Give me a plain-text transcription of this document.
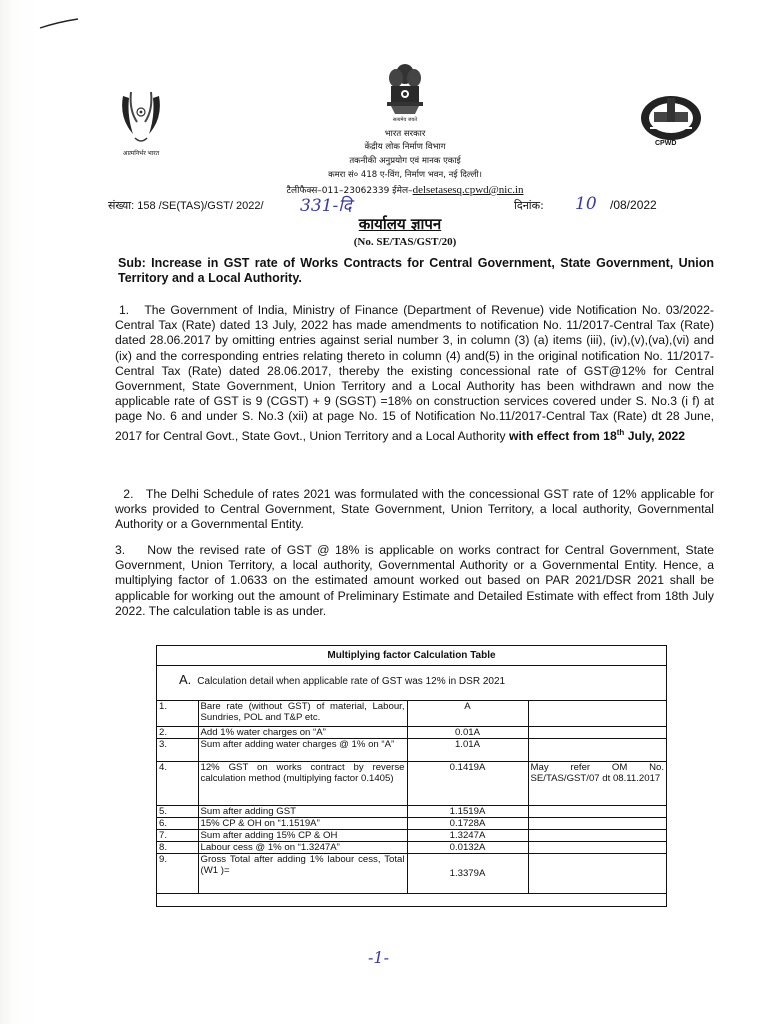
आत्मनिर्भर भारत
सत्यमेव जयते
CPWD
भारत सरकार
केंद्रीय लोक निर्माण विभाग
तकनीकी अनुप्रयोग एवं मानक एकाई
कमरा सं० 418 ए-विंग, निर्माण भवन, नई दिल्ली।
टैलीफैक्स–011–23062339 ईमेल–delsetasesq.cpwd@nic.in
संख्या: 158 /SE(TAS)/GST/ 2022/ 331-दि	दिनांक: 10 /08/2022
कार्यालय ज्ञापन
(No. SE/TAS/GST/20)
Sub: Increase in GST rate of Works Contracts for Central Government, State Government, Union Territory and a Local Authority.
1. The Government of India, Ministry of Finance (Department of Revenue) vide Notification No. 03/2022- Central Tax (Rate) dated 13 July, 2022 has made amendments to notification No. 11/2017-Central Tax (Rate) dated 28.06.2017 by omitting entries against serial number 3, in column (3) (a) items (iii), (iv),(v),(va),(vi) and (ix) and the corresponding entries relating thereto in column (4) and(5) in the original notification No. 11/2017-Central Tax (Rate) dated 28.06.2017, thereby the existing concessional rate of GST@12% for Central Government, State Government, Union Territory and a Local Authority has been withdrawn and now the applicable rate of GST is 9 (CGST) + 9 (SGST) =18% on construction services covered under S. No.3 (i f) at page No. 6 and under S. No.3 (xii) at page No. 15 of Notification No.11/2017-Central Tax (Rate) dt 28 June, 2017 for Central Govt., State Govt., Union Territory and a Local Authority with effect from 18th July, 2022
2. The Delhi Schedule of rates 2021 was formulated with the concessional GST rate of 12% applicable for works provided to Central Government, State Government, Union Territory, a local authority, Governmental Authority or a Governmental Entity.
3. Now the revised rate of GST @ 18% is applicable on works contract for Central Government, State Government, Union Territory, a local authority, Governmental Authority or a Governmental Entity. Hence, a multiplying factor of 1.0633 on the estimated amount worked out based on PAR 2021/DSR 2021 shall be applicable for working out the amount of Preliminary Estimate and Detailed Estimate with effect from 18th July 2022. The calculation table is as under.
Multiplying factor Calculation Table
A. Calculation detail when applicable rate of GST was 12% in DSR 2021
1.	Bare rate (without GST) of material, Labour, Sundries, POL and T&P etc.	A	
2.	Add 1% water charges on “A”	0.01A	
3.	Sum after adding water charges @ 1% on “A”	1.01A	
4.	12% GST on works contract by reverse calculation method (multiplying factor 0.1405)	0.1419A	May refer OM No. SE/TAS/GST/07 dt 08.11.2017
5.	Sum after adding GST	1.1519A	
6.	15% CP & OH on “1.1519A”	0.1728A	
7.	Sum after adding 15% CP & OH	1.3247A	
8.	Labour cess @ 1% on “1.3247A”	0.0132A	
9.	Gross Total after adding 1% labour cess, Total (W1 )=	1.3379A	
-1-
